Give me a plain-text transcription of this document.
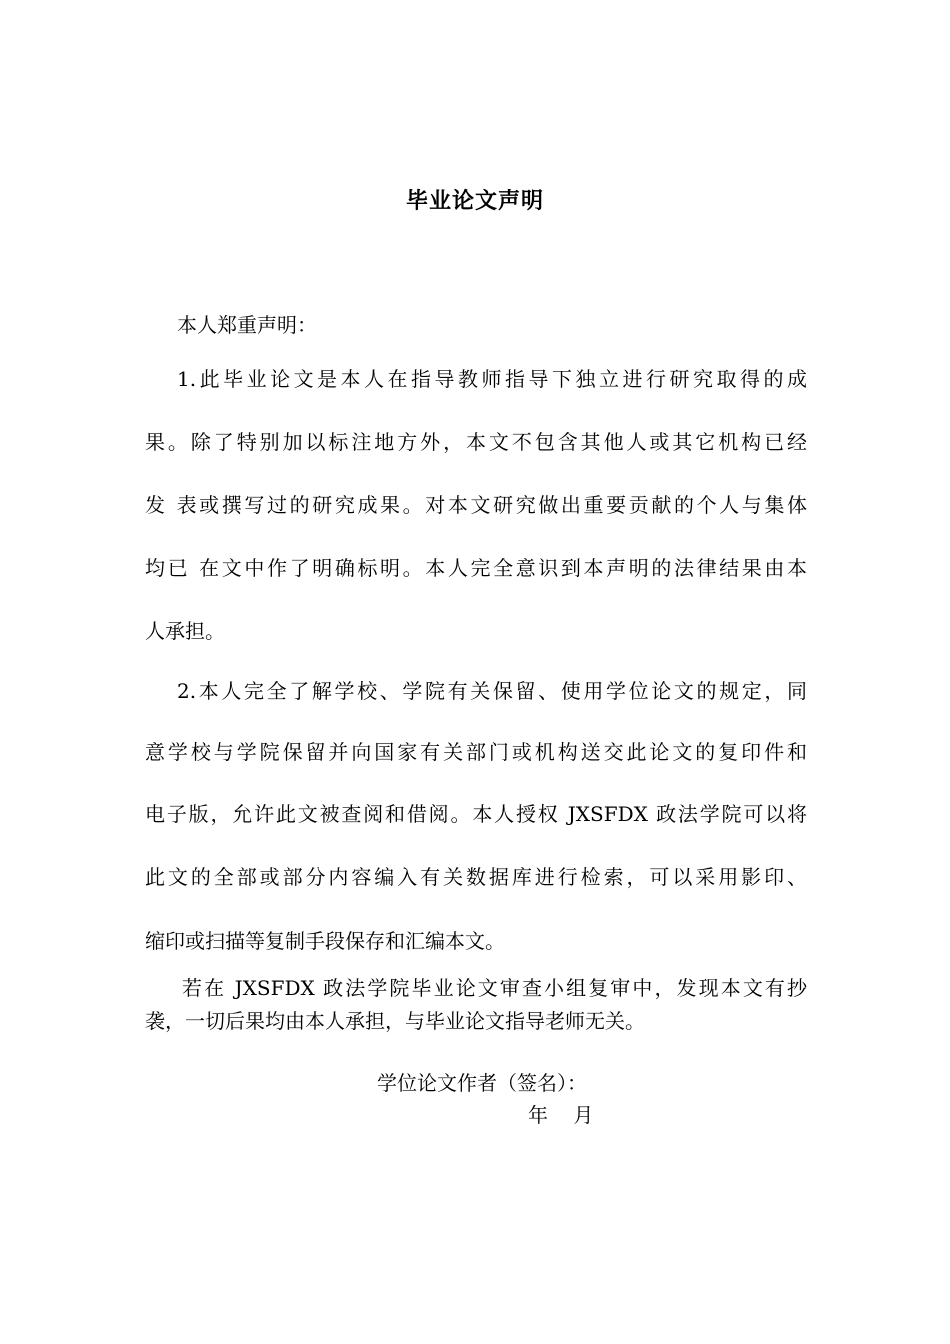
毕业论文声明
本人郑重声明：
1.此毕业论文是本人在指导教师指导下独立进行研究取得的成
果。除了特别加以标注地方外，本文不包含其他人或其它机构已经
发 表或撰写过的研究成果。对本文研究做出重要贡献的个人与集体
均已 在文中作了明确标明。本人完全意识到本声明的法律结果由本
人承担。
2.本人完全了解学校、学院有关保留、使用学位论文的规定，同
意学校与学院保留并向国家有关部门或机构送交此论文的复印件和
电子版，允许此文被查阅和借阅。本人授权 JXSFDX 政法学院可以将
此文的全部或部分内容编入有关数据库进行检索，可以采用影印、
缩印或扫描等复制手段保存和汇编本文。
若在 JXSFDX 政法学院毕业论文审查小组复审中，发现本文有抄
袭，一切后果均由本人承担，与毕业论文指导老师无关。
学位论文作者（签名）：
年    月
